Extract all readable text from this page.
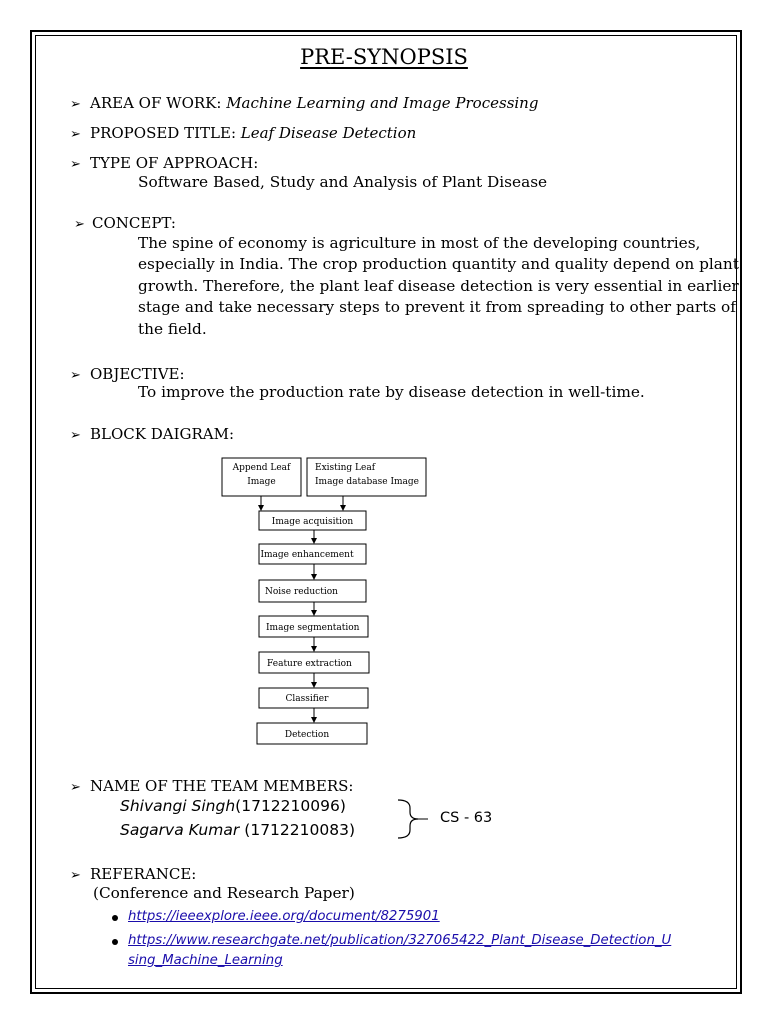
PRE-SYNOPSIS
➢ AREA OF WORK: Machine Learning and Image Processing
➢ PROPOSED TITLE: Leaf Disease Detection
➢ TYPE OF APPROACH:
Software Based, Study and Analysis of Plant Disease
➢ CONCEPT:
The spine of economy is agriculture in most of the developing countries,
especially in India. The crop production quantity and quality depend on plant
growth. Therefore, the plant leaf disease detection is very essential in earlier
stage and take necessary steps to prevent it from spreading to other parts of
the field.
➢ OBJECTIVE:
To improve the production rate by disease detection in well-time.
➢ BLOCK DAIGRAM:
Append Leaf
Image
Existing Leaf
Image database Image
Image acquisition
Image enhancement
Noise reduction
Image segmentation
Feature extraction
Classifier
Detection
➢ NAME OF THE TEAM MEMBERS:
Shivangi Singh(1712210096)
Sagarva Kumar (1712210083)
CS - 63
➢ REFERANCE:
(Conference and Research Paper)
https://ieeexplore.ieee.org/document/8275901
https://www.researchgate.net/publication/327065422_Plant_Disease_Detection_U
sing_Machine_Learning
